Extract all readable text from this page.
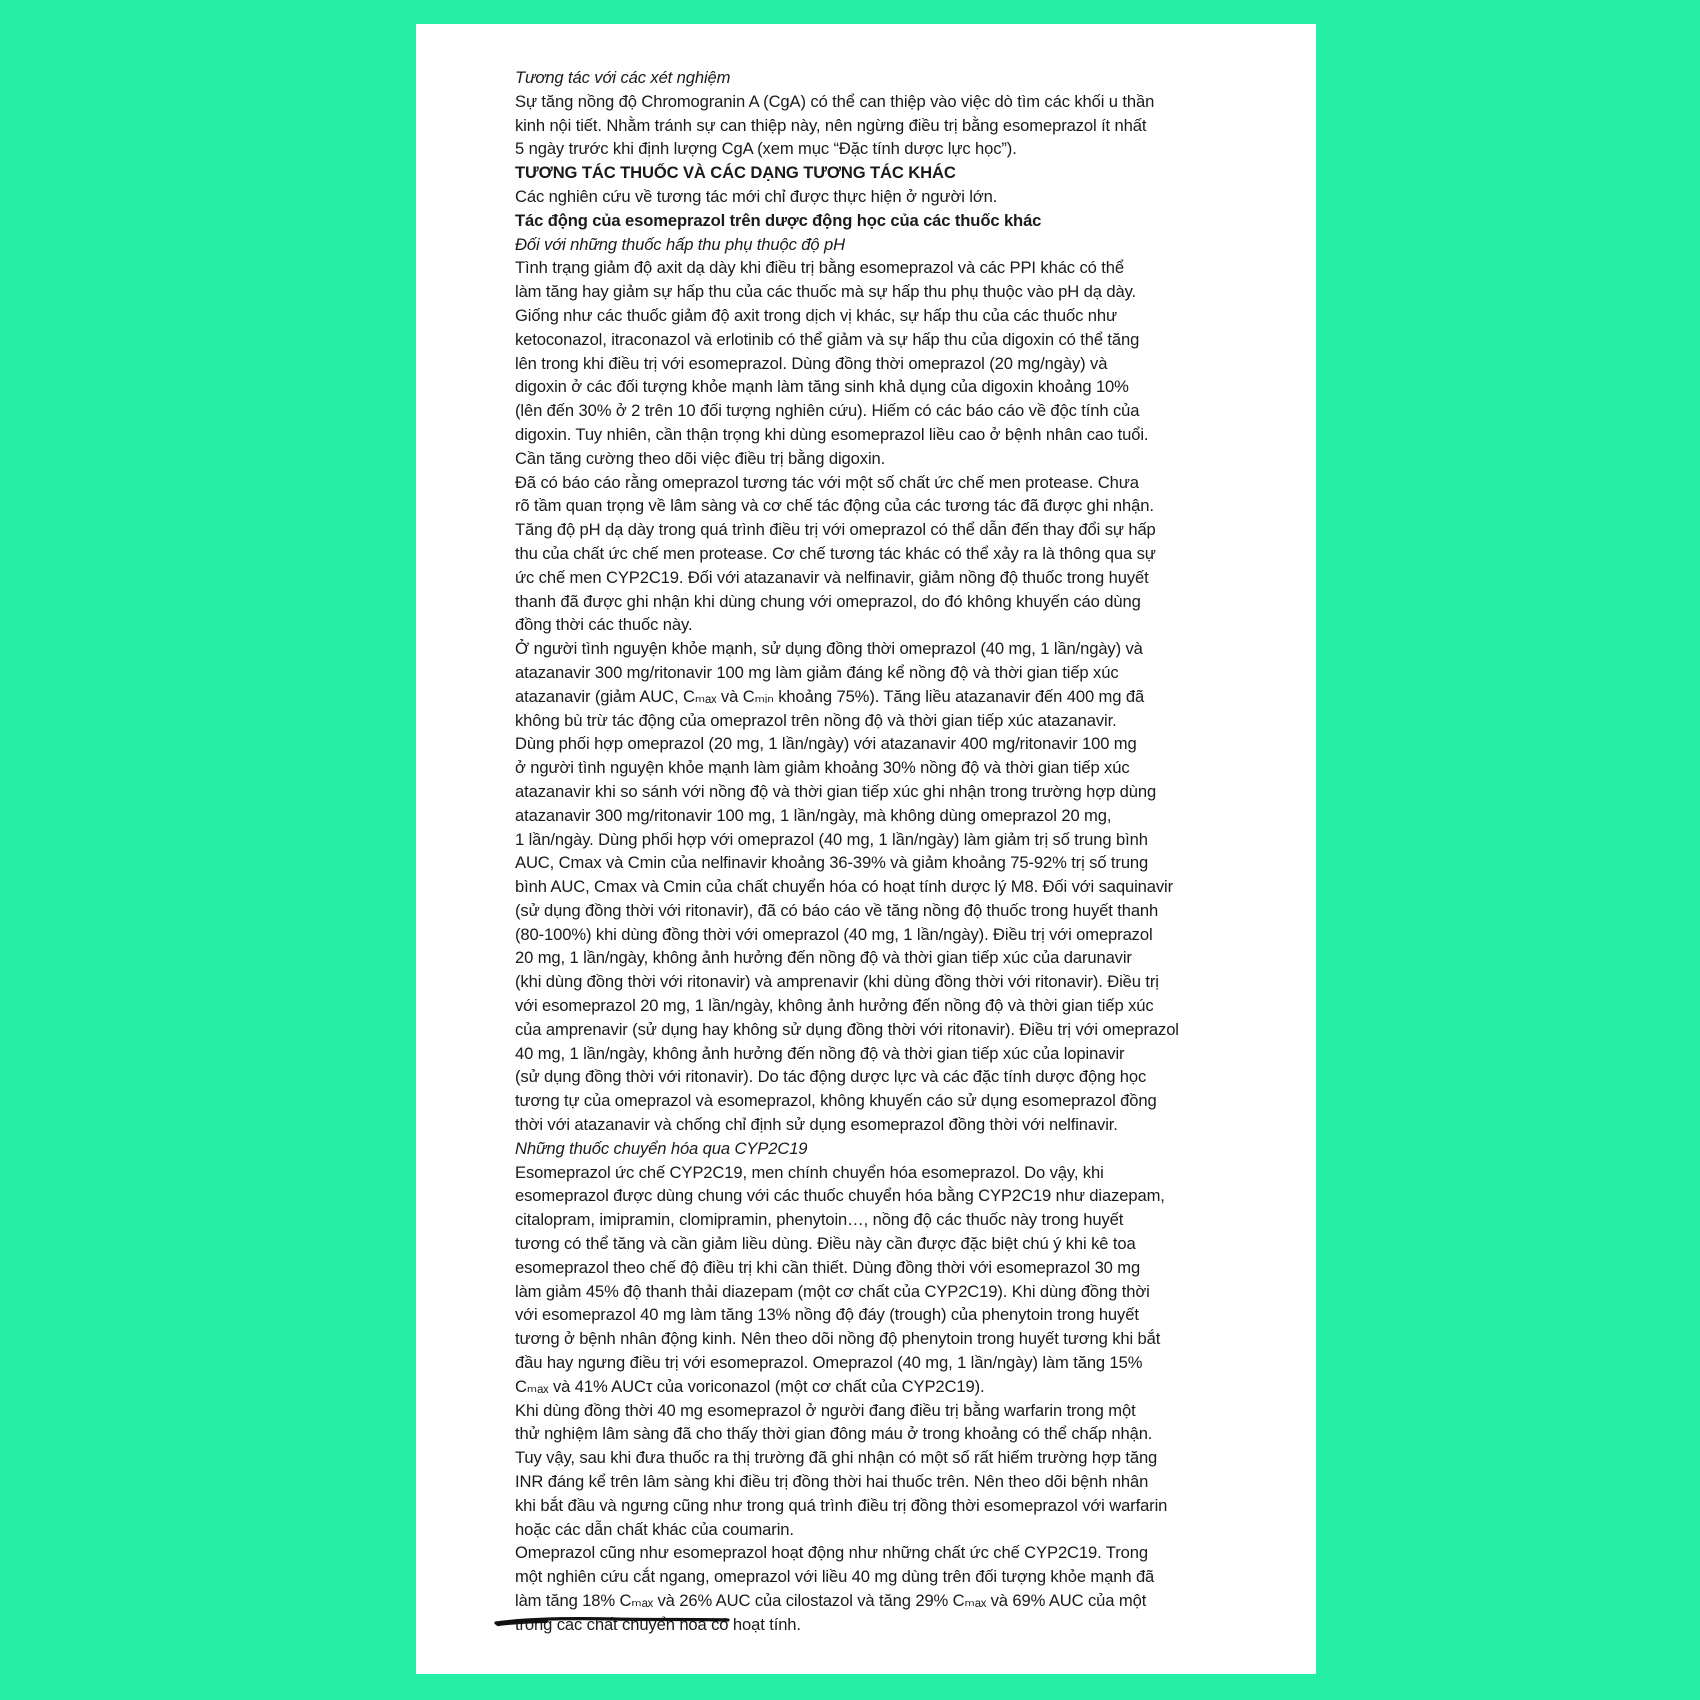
Tương tác với các xét nghiệm
Sự tăng nồng độ Chromogranin A (CgA) có thể can thiệp vào việc dò tìm các khối u thần
kinh nội tiết. Nhằm tránh sự can thiệp này, nên ngừng điều trị bằng esomeprazol ít nhất
5 ngày trước khi định lượng CgA (xem mục “Đặc tính dược lực học”).
TƯƠNG TÁC THUỐC VÀ CÁC DẠNG TƯƠNG TÁC KHÁC
Các nghiên cứu về tương tác mới chỉ được thực hiện ở người lớn.
Tác động của esomeprazol trên dược động học của các thuốc khác
Đối với những thuốc hấp thu phụ thuộc độ pH
Tình trạng giảm độ axit dạ dày khi điều trị bằng esomeprazol và các PPI khác có thể
làm tăng hay giảm sự hấp thu của các thuốc mà sự hấp thu phụ thuộc vào pH dạ dày.
Giống như các thuốc giảm độ axit trong dịch vị khác, sự hấp thu của các thuốc như
ketoconazol, itraconazol và erlotinib có thể giảm và sự hấp thu của digoxin có thể tăng
lên trong khi điều trị với esomeprazol. Dùng đồng thời omeprazol (20 mg/ngày) và
digoxin ở các đối tượng khỏe mạnh làm tăng sinh khả dụng của digoxin khoảng 10%
(lên đến 30% ở 2 trên 10 đối tượng nghiên cứu). Hiếm có các báo cáo về độc tính của
digoxin. Tuy nhiên, cần thận trọng khi dùng esomeprazol liều cao ở bệnh nhân cao tuổi.
Cần tăng cường theo dõi việc điều trị bằng digoxin.
Đã có báo cáo rằng omeprazol tương tác với một số chất ức chế men protease. Chưa
rõ tầm quan trọng về lâm sàng và cơ chế tác động của các tương tác đã được ghi nhận.
Tăng độ pH dạ dày trong quá trình điều trị với omeprazol có thể dẫn đến thay đổi sự hấp
thu của chất ức chế men protease. Cơ chế tương tác khác có thể xảy ra là thông qua sự
ức chế men CYP2C19. Đối với atazanavir và nelfinavir, giảm nồng độ thuốc trong huyết
thanh đã được ghi nhận khi dùng chung với omeprazol, do đó không khuyến cáo dùng
đồng thời các thuốc này.
Ở người tình nguyện khỏe mạnh, sử dụng đồng thời omeprazol (40 mg, 1 lần/ngày) và
atazanavir 300 mg/ritonavir 100 mg làm giảm đáng kể nồng độ và thời gian tiếp xúc
atazanavir (giảm AUC, Cₘₐₓ và Cₘᵢₙ khoảng 75%). Tăng liều atazanavir đến 400 mg đã
không bù trừ tác động của omeprazol trên nồng độ và thời gian tiếp xúc atazanavir.
Dùng phối hợp omeprazol (20 mg, 1 lần/ngày) với atazanavir 400 mg/ritonavir 100 mg
ở người tình nguyện khỏe mạnh làm giảm khoảng 30% nồng độ và thời gian tiếp xúc
atazanavir khi so sánh với nồng độ và thời gian tiếp xúc ghi nhận trong trường hợp dùng
atazanavir 300 mg/ritonavir 100 mg, 1 lần/ngày, mà không dùng omeprazol 20 mg,
1 lần/ngày. Dùng phối hợp với omeprazol (40 mg, 1 lần/ngày) làm giảm trị số trung bình
AUC, Cmax và Cmin của nelfinavir khoảng 36-39% và giảm khoảng 75-92% trị số trung
bình AUC, Cmax và Cmin của chất chuyển hóa có hoạt tính dược lý M8. Đối với saquinavir
(sử dụng đồng thời với ritonavir), đã có báo cáo về tăng nồng độ thuốc trong huyết thanh
(80-100%) khi dùng đồng thời với omeprazol (40 mg, 1 lần/ngày). Điều trị với omeprazol
20 mg, 1 lần/ngày, không ảnh hưởng đến nồng độ và thời gian tiếp xúc của darunavir
(khi dùng đồng thời với ritonavir) và amprenavir (khi dùng đồng thời với ritonavir). Điều trị
với esomeprazol 20 mg, 1 lần/ngày, không ảnh hưởng đến nồng độ và thời gian tiếp xúc
của amprenavir (sử dụng hay không sử dụng đồng thời với ritonavir). Điều trị với omeprazol
40 mg, 1 lần/ngày, không ảnh hưởng đến nồng độ và thời gian tiếp xúc của lopinavir
(sử dụng đồng thời với ritonavir). Do tác động dược lực và các đặc tính dược động học
tương tự của omeprazol và esomeprazol, không khuyến cáo sử dụng esomeprazol đồng
thời với atazanavir và chống chỉ định sử dụng esomeprazol đồng thời với nelfinavir.
Những thuốc chuyển hóa qua CYP2C19
Esomeprazol ức chế CYP2C19, men chính chuyển hóa esomeprazol. Do vậy, khi
esomeprazol được dùng chung với các thuốc chuyển hóa bằng CYP2C19 như diazepam,
citalopram, imipramin, clomipramin, phenytoin…, nồng độ các thuốc này trong huyết
tương có thể tăng và cần giảm liều dùng. Điều này cần được đặc biệt chú ý khi kê toa
esomeprazol theo chế độ điều trị khi cần thiết. Dùng đồng thời với esomeprazol 30 mg
làm giảm 45% độ thanh thải diazepam (một cơ chất của CYP2C19). Khi dùng đồng thời
với esomeprazol 40 mg làm tăng 13% nồng độ đáy (trough) của phenytoin trong huyết
tương ở bệnh nhân động kinh. Nên theo dõi nồng độ phenytoin trong huyết tương khi bắt
đầu hay ngưng điều trị với esomeprazol. Omeprazol (40 mg, 1 lần/ngày) làm tăng 15%
Cₘₐₓ và 41% AUCτ của voriconazol (một cơ chất của CYP2C19).
Khi dùng đồng thời 40 mg esomeprazol ở người đang điều trị bằng warfarin trong một
thử nghiệm lâm sàng đã cho thấy thời gian đông máu ở trong khoảng có thể chấp nhận.
Tuy vậy, sau khi đưa thuốc ra thị trường đã ghi nhận có một số rất hiếm trường hợp tăng
INR đáng kể trên lâm sàng khi điều trị đồng thời hai thuốc trên. Nên theo dõi bệnh nhân
khi bắt đầu và ngưng cũng như trong quá trình điều trị đồng thời esomeprazol với warfarin
hoặc các dẫn chất khác của coumarin.
Omeprazol cũng như esomeprazol hoạt động như những chất ức chế CYP2C19. Trong
một nghiên cứu cắt ngang, omeprazol với liều 40 mg dùng trên đối tượng khỏe mạnh đã
làm tăng 18% Cₘₐₓ và 26% AUC của cilostazol và tăng 29% Cₘₐₓ và 69% AUC của một
trong các chất chuyển hóa có hoạt tính.
